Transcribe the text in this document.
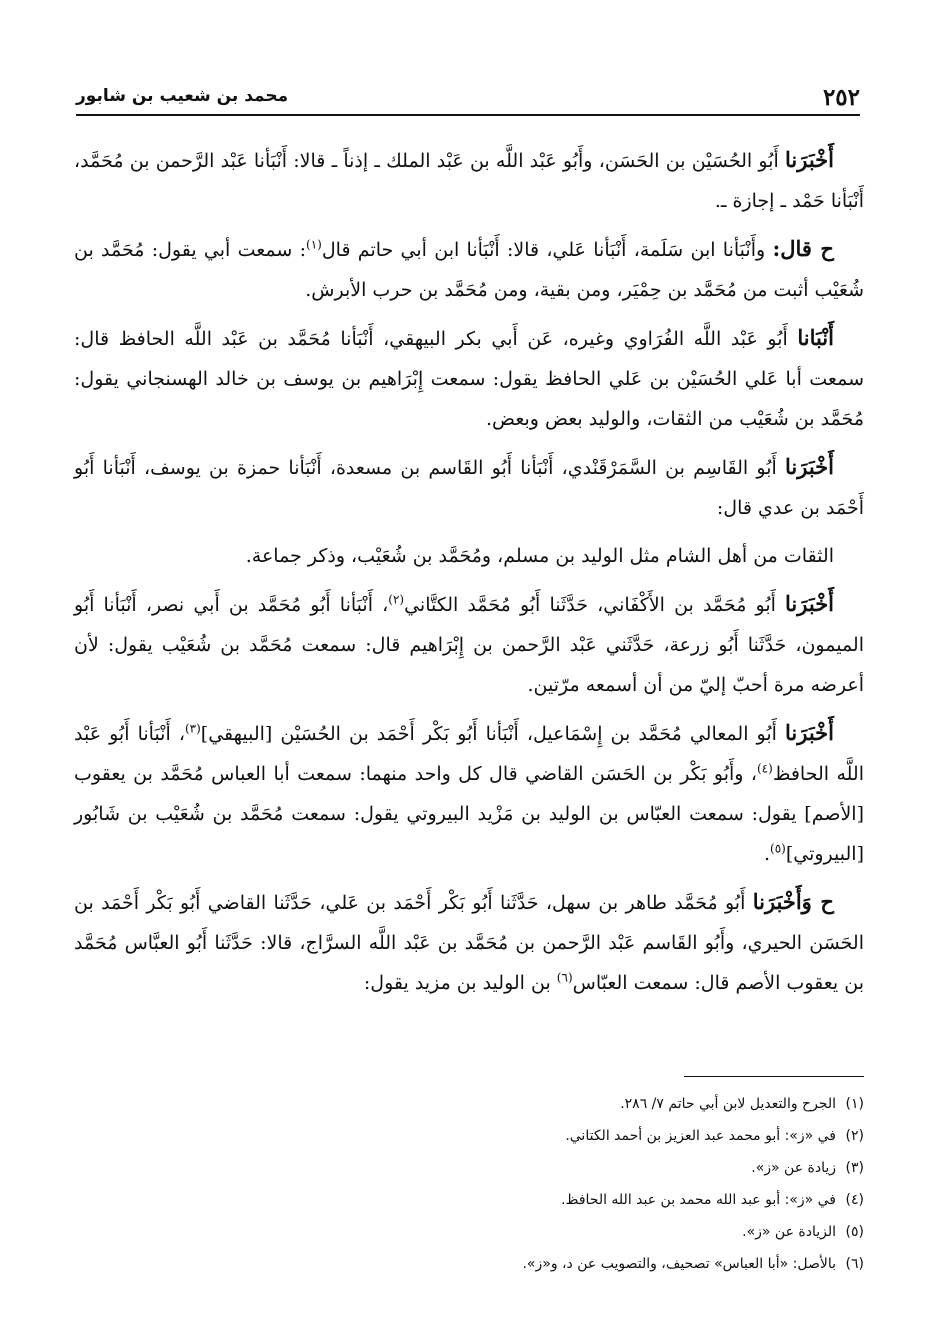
٢٥٢
محمد بن شعيب بن شابور

أَخْبَرَنا أَبُو الحُسَيْن بن الحَسَن، وأَبُو عَبْد اللَّه بن عَبْد الملك ـ إذناً ـ قالا: أَنْبَأنا عَبْد الرَّحمن بن مُحَمَّد، أَنْبَأنا حَمْد ـ إجازة ـ.

ح قال: وأَنْبَأنا ابن سَلَمة، أَنْبَأنا عَلي، قالا: أَنْبَأنا ابن أبي حاتم قال$^{(١)}$: سمعت أبي يقول: مُحَمَّد بن شُعَيْب أثبت من مُحَمَّد بن حِمْيَر، ومن بقية، ومن مُحَمَّد بن حرب الأبرش.

أَنْبَانا أَبُو عَبْد اللَّه الفُرَاوي وغيره، عَن أَبي بكر البيهقي، أَنْبَأنا مُحَمَّد بن عَبْد اللَّه الحافظ قال: سمعت أبا عَلي الحُسَيْن بن عَلي الحافظ يقول: سمعت إِبْرَاهيم بن يوسف بن خالد الهسنجاني يقول: مُحَمَّد بن شُعَيْب من الثقات، والوليد بعض وبعض.

أَخْبَرَنا أَبُو القَاسِم بن السَّمَرْقَنْدي، أَنْبَأنا أَبُو القَاسم بن مسعدة، أَنْبَأنا حمزة بن يوسف، أَنْبَأنا أَبُو أَحْمَد بن عدي قال:

الثقات من أهل الشام مثل الوليد بن مسلم، ومُحَمَّد بن شُعَيْب، وذكر جماعة.

أَخْبَرَنا أَبُو مُحَمَّد بن الأَكْفَاني، حَدَّثَنا أَبُو مُحَمَّد الكتَّاني$^{(٢)}$، أَنْبَأنا أَبُو مُحَمَّد بن أَبي نصر، أَنْبَأنا أَبُو الميمون، حَدَّثَنا أَبُو زرعة، حَدَّثَني عَبْد الرَّحمن بن إِبْرَاهيم قال: سمعت مُحَمَّد بن شُعَيْب يقول: لأن أعرضه مرة أحبّ إليّ من أن أسمعه مرّتين.

أَخْبَرَنا أَبُو المعالي مُحَمَّد بن إِسْمَاعيل، أَنْبَأنا أَبُو بَكْر أَحْمَد بن الحُسَيْن [البيهقي]$^{(٣)}$، أَنْبَأنا أَبُو عَبْد اللَّه الحافظ$^{(٤)}$، وأَبُو بَكْر بن الحَسَن القاضي قال كل واحد منهما: سمعت أبا العباس مُحَمَّد بن يعقوب [الأصم] يقول: سمعت العبّاس بن الوليد بن مَزْيد البيروتي يقول: سمعت مُحَمَّد بن شُعَيْب بن شَابُور [البيروتي]$^{(٥)}$.

ح وَأَخْبَرَنا أَبُو مُحَمَّد طاهر بن سهل، حَدَّثَنا أَبُو بَكْر أَحْمَد بن عَلي، حَدَّثَنا القاضي أَبُو بَكْر أَحْمَد بن الحَسَن الحيري، وأَبُو القَاسم عَبْد الرَّحمن بن مُحَمَّد بن عَبْد اللَّه السرَّاج، قالا: حَدَّثَنا أَبُو العبَّاس مُحَمَّد بن يعقوب الأصم قال: سمعت العبّاس$^{(٦)}$ بن الوليد بن مزيد يقول:

(١)الجرح والتعديل لابن أبي حاتم ٧/ ٢٨٦.
(٢)في «ز»: أبو محمد عبد العزيز بن أحمد الكتاني.
(٣)زيادة عن «ز».
(٤)في «ز»: أبو عبد الله محمد بن عبد الله الحافظ.
(٥)الزيادة عن «ز».
(٦)بالأصل: «أبا العباس» تصحيف، والتصويب عن د، و«ز».
